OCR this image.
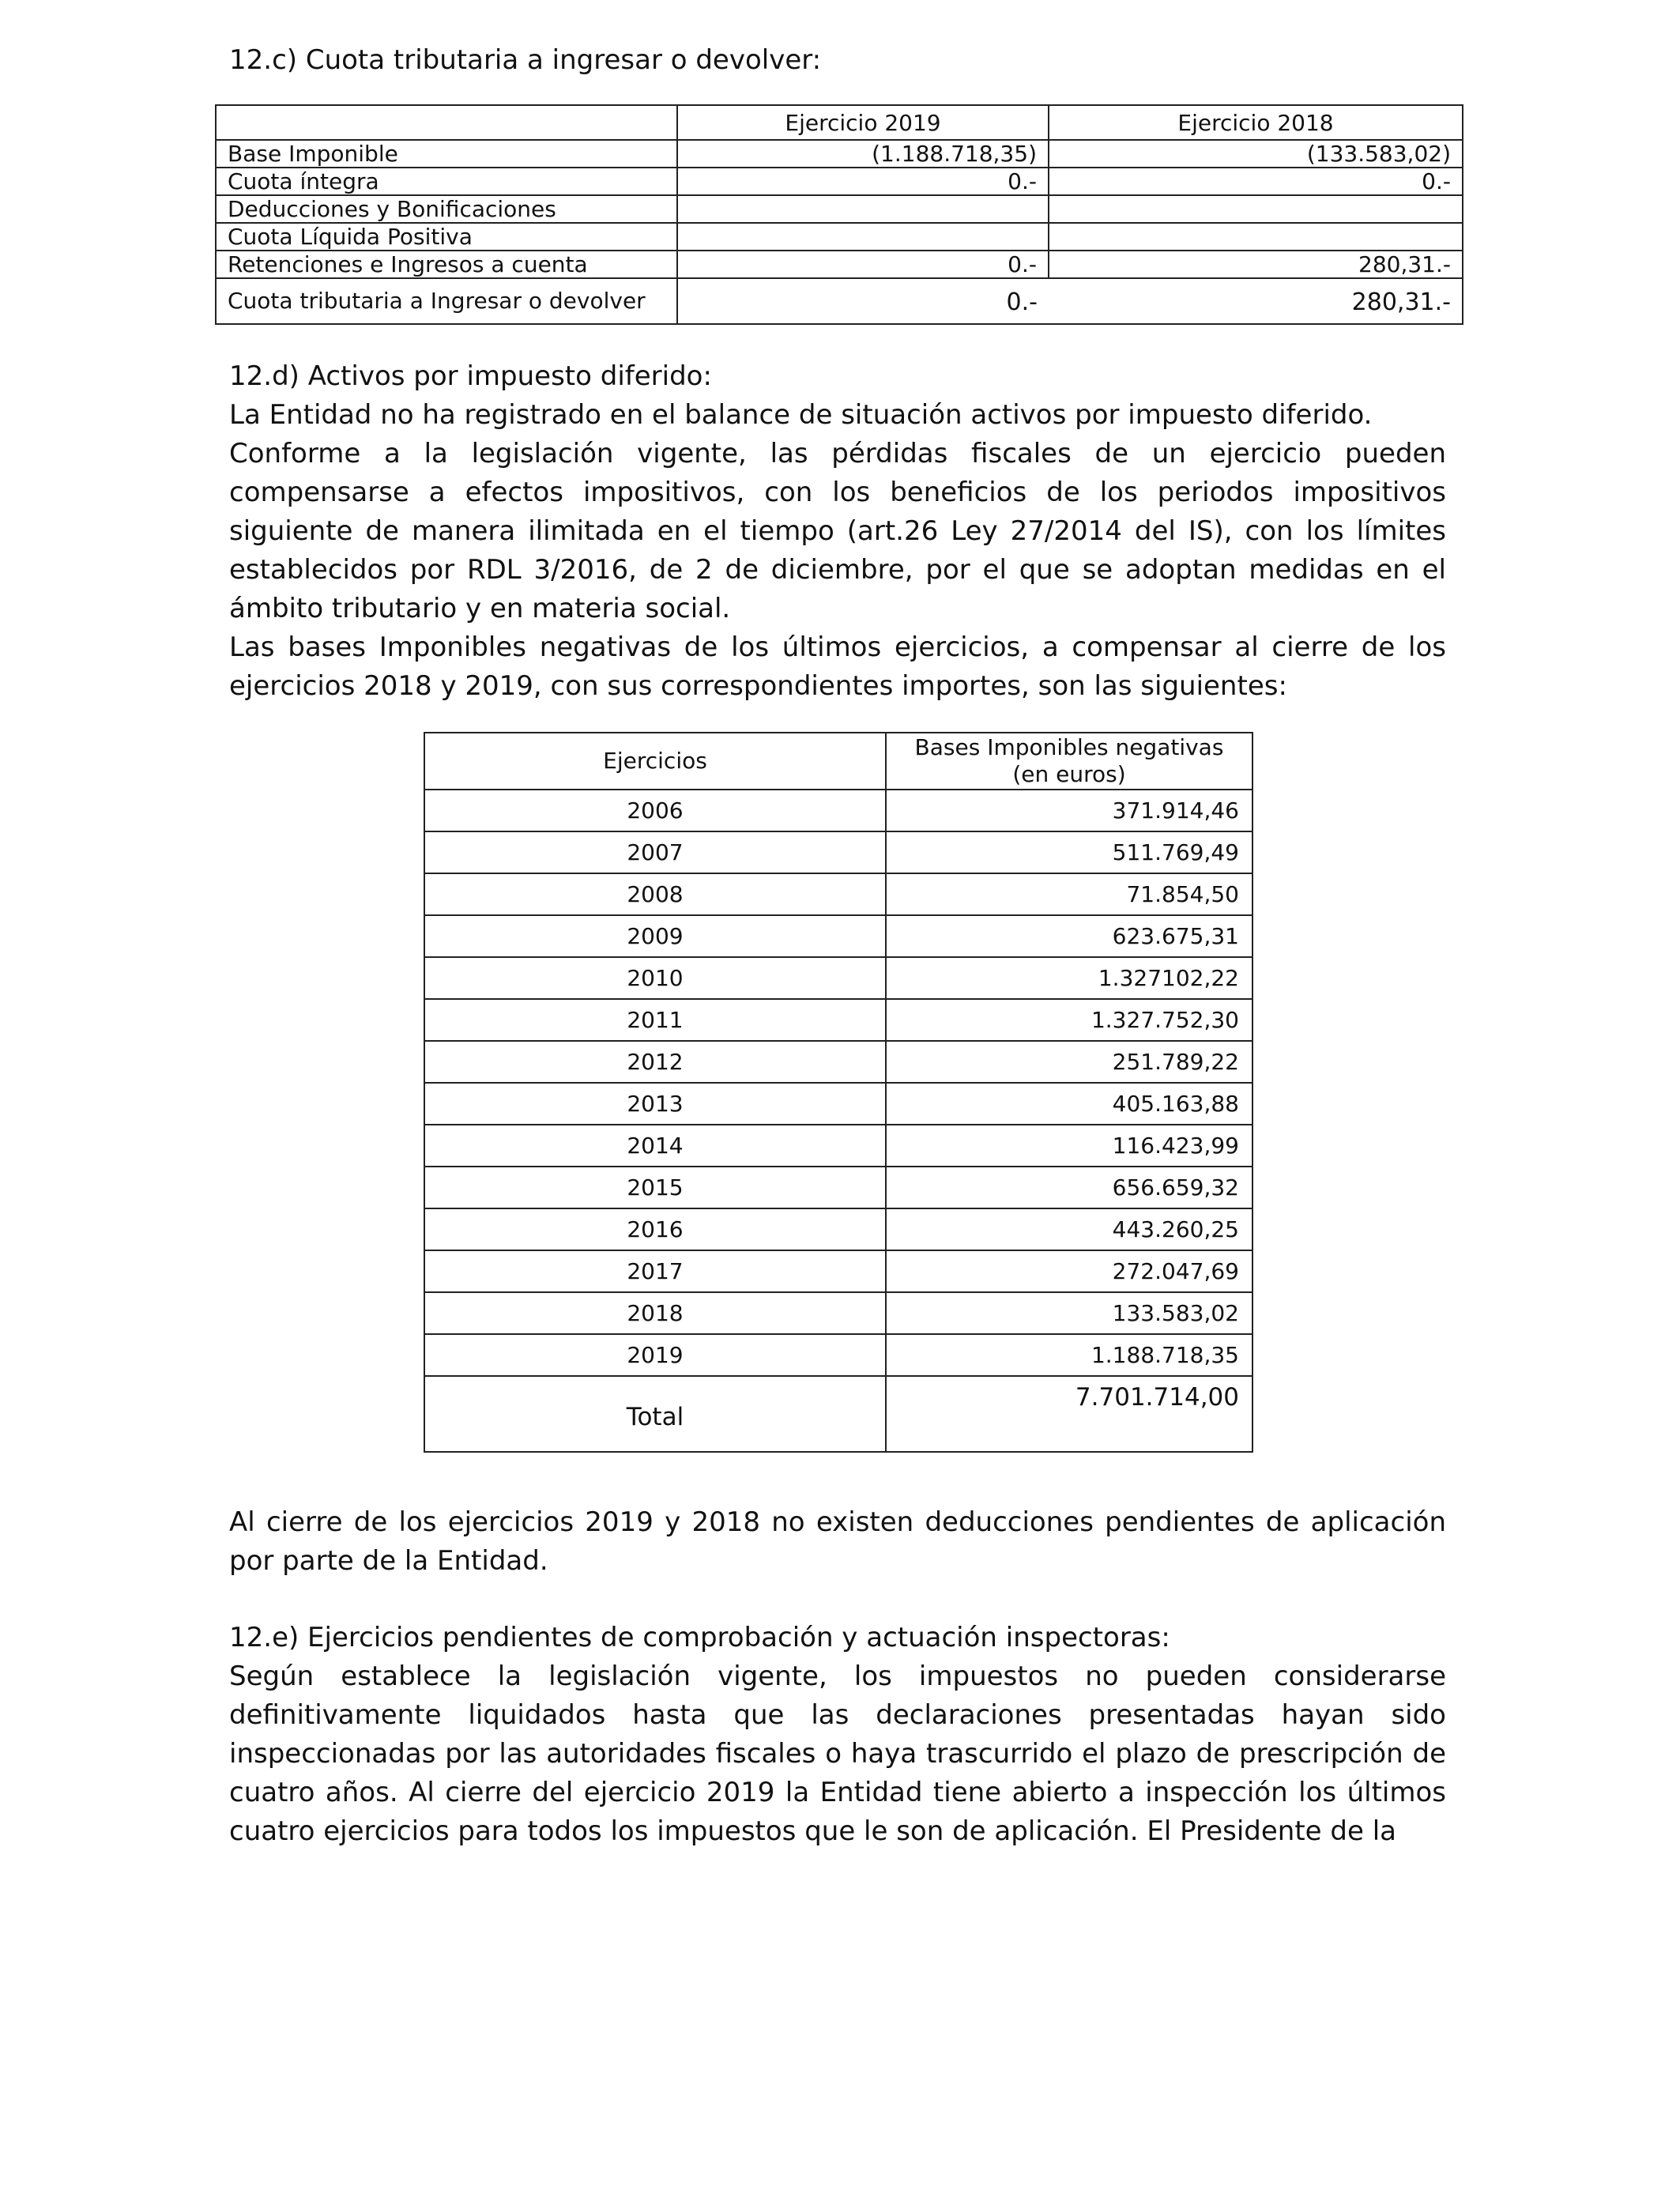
12.c) Cuota tributaria a ingresar o devolver:
	Ejercicio 2019	Ejercicio 2018
Base Imponible	(1.188.718,35)	(133.583,02)
Cuota íntegra	0.-	0.-
Deducciones y Bonificaciones		
Cuota Líquida Positiva		
Retenciones e Ingresos a cuenta	0.-	280,31.-
Cuota tributaria a Ingresar o devolver	0.-	280,31.-
12.d) Activos por impuesto diferido:

La Entidad no ha registrado en el balance de situación activos por impuesto diferido.

Conforme a la legislación vigente, las pérdidas fiscales de un ejercicio pueden compensarse a efectos impositivos, con los beneficios de los periodos impositivos siguiente de manera ilimitada en el tiempo (art.26 Ley 27/2014 del IS), con los límites establecidos por RDL 3/2016, de 2 de diciembre, por el que se adoptan medidas en el ámbito tributario y en materia social.

Las bases Imponibles negativas de los últimos ejercicios, a compensar al cierre de los ejercicios 2018 y 2019, con sus correspondientes importes, son las siguientes:

Ejercicios	Bases Imponibles negativas
(en euros)
2006	371.914,46
2007	511.769,49
2008	71.854,50
2009	623.675,31
2010	1.327102,22
2011	1.327.752,30
2012	251.789,22
2013	405.163,88
2014	116.423,99
2015	656.659,32
2016	443.260,25
2017	272.047,69
2018	133.583,02
2019	1.188.718,35
Total	7.701.714,00

Al cierre de los ejercicios 2019 y 2018 no existen deducciones pendientes de aplicación por parte de la Entidad.

12.e) Ejercicios pendientes de comprobación y actuación inspectoras:

Según establece la legislación vigente, los impuestos no pueden considerarse definitivamente liquidados hasta que las declaraciones presentadas hayan sido inspeccionadas por las autoridades fiscales o haya trascurrido el plazo de prescripción de cuatro años. Al cierre del ejercicio 2019 la Entidad tiene abierto a inspección los últimos cuatro ejercicios para todos los impuestos que le son de aplicación. El Presidente de la
